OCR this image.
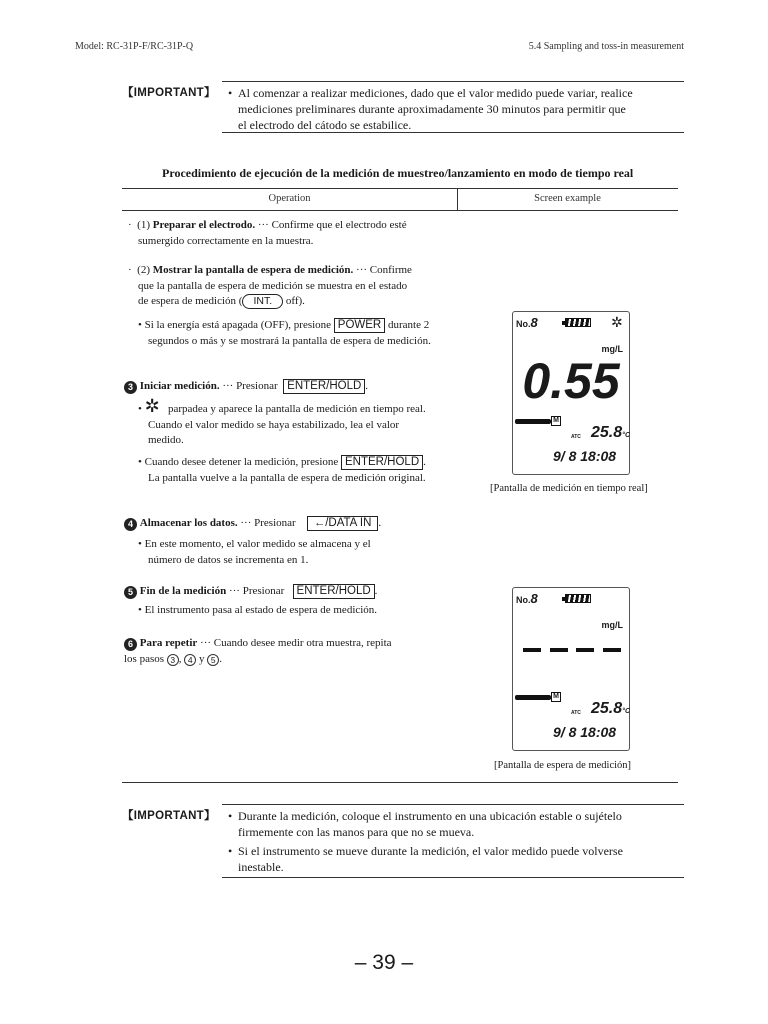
Model: RC-31P-F/RC-31P-Q	5.4 Sampling and toss-in measurement
【IMPORTANT】 • Al comenzar a realizar mediciones, dado que el valor medido puede variar, realice
mediciones preliminares durante aproximadamente 30 minutos para permitir que
el electrodo del cátodo se estabilice.
Procedimiento de ejecución de la medición de muestreo/lanzamiento en modo de tiempo real
Operation	Screen example
·  (1) Preparar el electrodo. ··· Confirme que el electrodo esté
sumergido correctamente en la muestra.
·  (2) Mostrar la pantalla de espera de medición. ··· Confirme
que la pantalla de espera de medición se muestra en el estado
de espera de medición ( INT. off).
• Si la energía está apagada (OFF), presione POWER durante 2
segundos o más y se mostrará la pantalla de espera de medición.
3 Iniciar medición. ··· Presionar ENTER/HOLD .
• ✲ parpadea y aparece la pantalla de medición en tiempo real.
Cuando el valor medido se haya estabilizado, lea el valor
medido.
• Cuando desee detener la medición, presione ENTER/HOLD .
La pantalla vuelve a la pantalla de espera de medición original.
4 Almacenar los datos. ··· Presionar ←/DATA IN .
• En este momento, el valor medido se almacena y el
número de datos se incrementa en 1.
5 Fin de la medición ··· Presionar ENTER/HOLD .
• El instrumento pasa al estado de espera de medición.
6 Para repetir ··· Cuando desee medir otra muestra, repita
los pasos 3 , 4 y 5 .
No.8	✲
mg/L
0.55
M
ATC 25.8°C
9/ 8 18:08
[Pantalla de medición en tiempo real]
No.8
mg/L
M
ATC 25.8°C
9/ 8 18:08
[Pantalla de espera de medición]
【IMPORTANT】 • Durante la medición, coloque el instrumento en una ubicación estable o sujételo
firmemente con las manos para que no se mueva.
• Si el instrumento se mueve durante la medición, el valor medido puede volverse
inestable.
– 39 –
